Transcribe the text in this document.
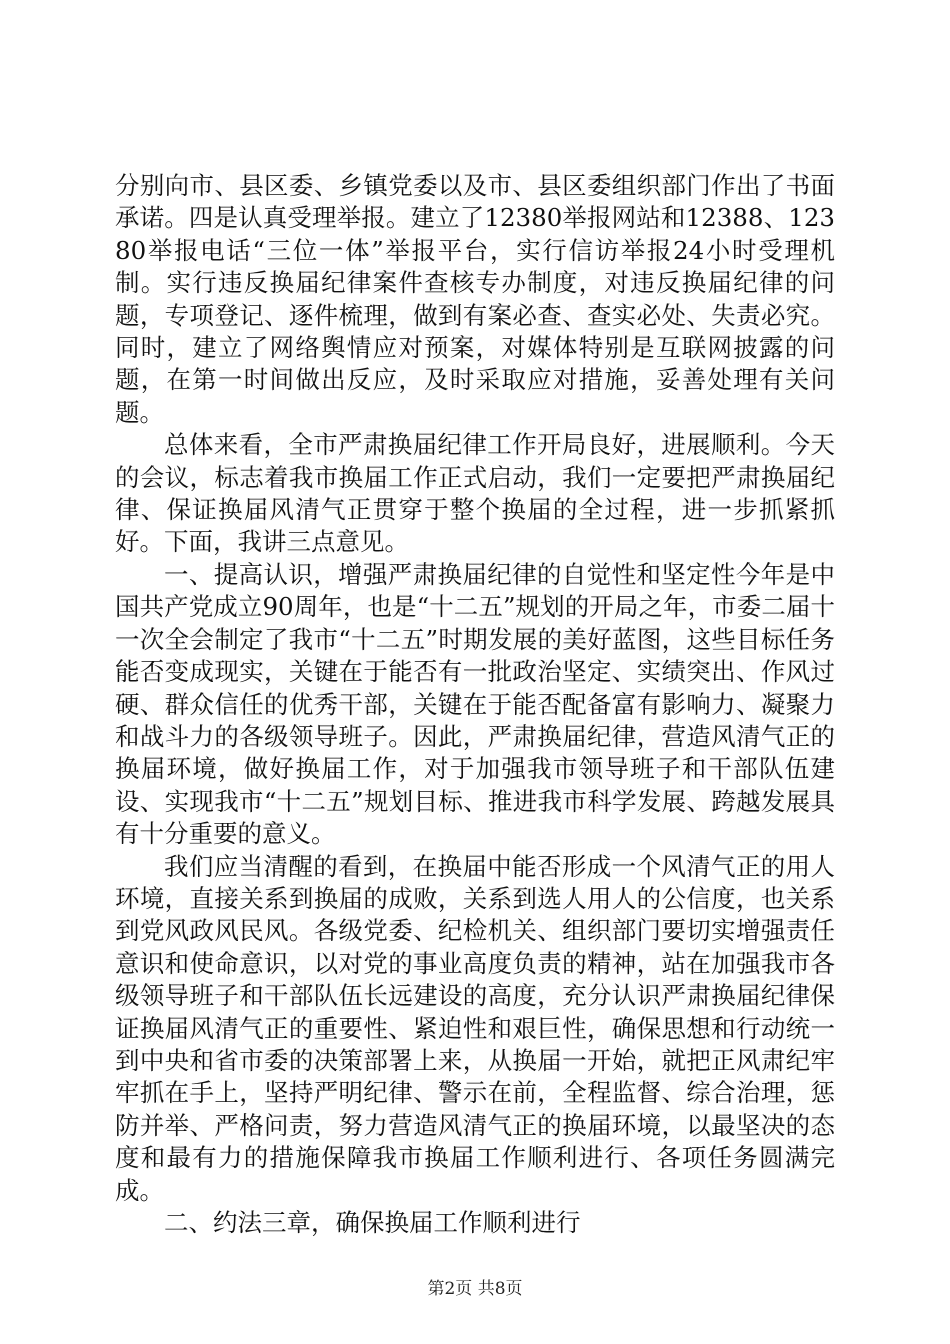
分别向市、县区委、乡镇党委以及市、县区委组织部门作出了书面承诺。四是认真受理举报。建立了12380举报网站和12388、12380举报电话“三位一体”举报平台，实行信访举报24小时受理机制。实行违反换届纪律案件查核专办制度，对违反换届纪律的问题，专项登记、逐件梳理，做到有案必查、查实必处、失责必究。同时，建立了网络舆情应对预案，对媒体特别是互联网披露的问题，在第一时间做出反应，及时采取应对措施，妥善处理有关问题。

总体来看，全市严肃换届纪律工作开局良好，进展顺利。今天的会议，标志着我市换届工作正式启动，我们一定要把严肃换届纪律、保证换届风清气正贯穿于整个换届的全过程，进一步抓紧抓好。下面，我讲三点意见。

一、提高认识，增强严肃换届纪律的自觉性和坚定性今年是中国共产党成立90周年，也是“十二五”规划的开局之年，市委二届十一次全会制定了我市“十二五”时期发展的美好蓝图，这些目标任务能否变成现实，关键在于能否有一批政治坚定、实绩突出、作风过硬、群众信任的优秀干部，关键在于能否配备富有影响力、凝聚力和战斗力的各级领导班子。因此，严肃换届纪律，营造风清气正的换届环境，做好换届工作，对于加强我市领导班子和干部队伍建设、实现我市“十二五”规划目标、推进我市科学发展、跨越发展具有十分重要的意义。

我们应当清醒的看到，在换届中能否形成一个风清气正的用人环境，直接关系到换届的成败，关系到选人用人的公信度，也关系到党风政风民风。各级党委、纪检机关、组织部门要切实增强责任意识和使命意识，以对党的事业高度负责的精神，站在加强我市各级领导班子和干部队伍长远建设的高度，充分认识严肃换届纪律保证换届风清气正的重要性、紧迫性和艰巨性，确保思想和行动统一到中央和省市委的决策部署上来，从换届一开始，就把正风肃纪牢牢抓在手上，坚持严明纪律、警示在前，全程监督、综合治理，惩防并举、严格问责，努力营造风清气正的换届环境，以最坚决的态度和最有力的措施保障我市换届工作顺利进行、各项任务圆满完成。

二、约法三章，确保换届工作顺利进行

第2页 共8页
